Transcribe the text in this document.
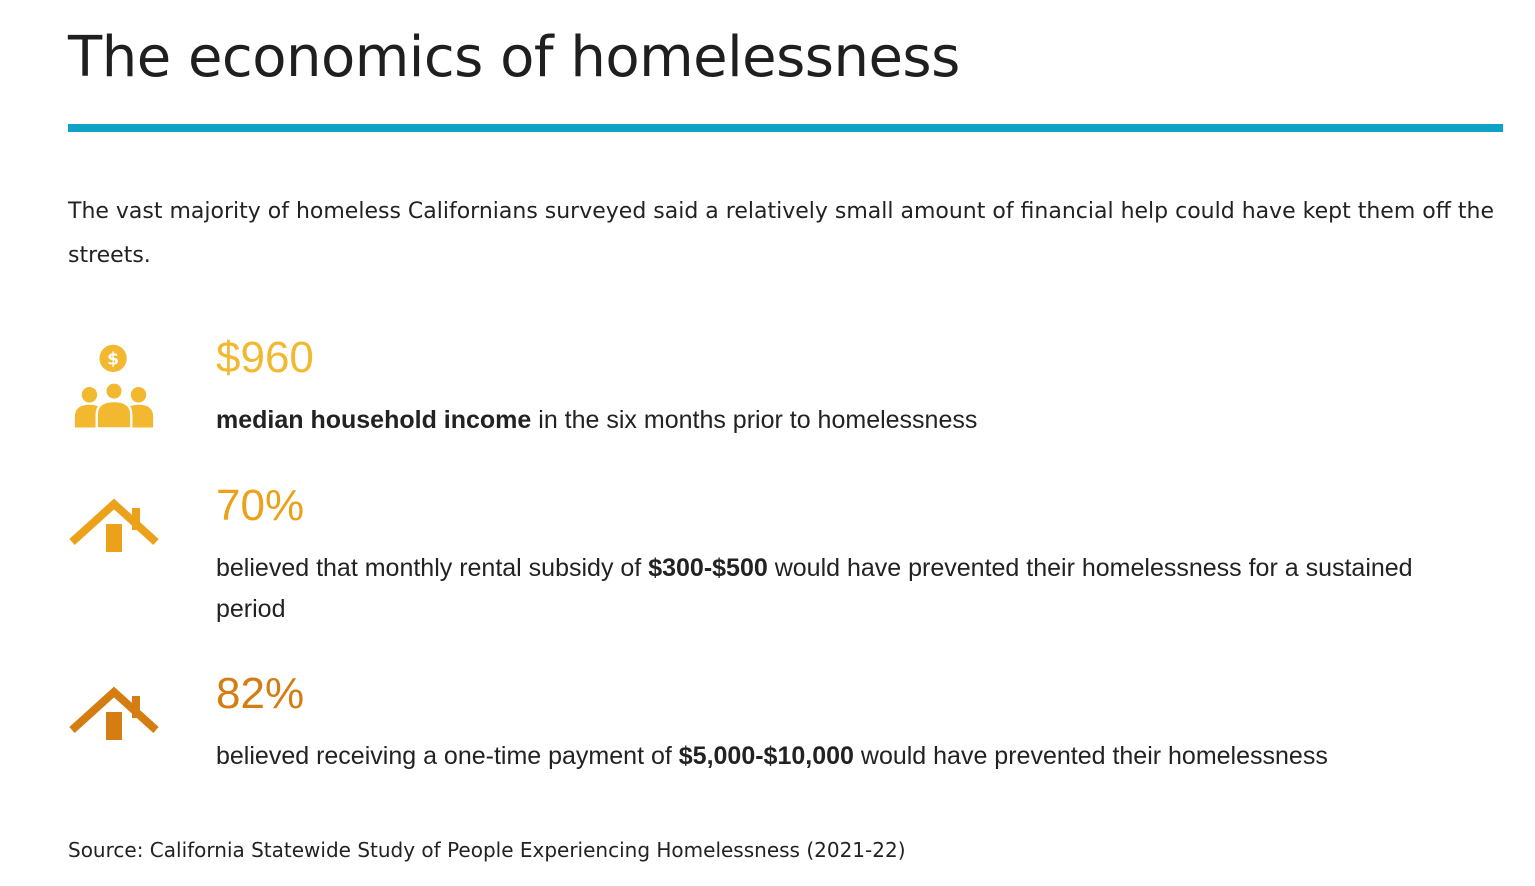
The economics of homelessness

The vast majority of homeless Californians surveyed said a relatively small amount of financial help could have kept them off the streets.

$ $960

median household income in the six months prior to homelessness

70%

believed that monthly rental subsidy of $300-$500 would have prevented their homelessness for a sustained period

82%

believed receiving a one-time payment of $5,000-$10,000 would have prevented their homelessness

Source: California Statewide Study of People Experiencing Homelessness (2021-22)
